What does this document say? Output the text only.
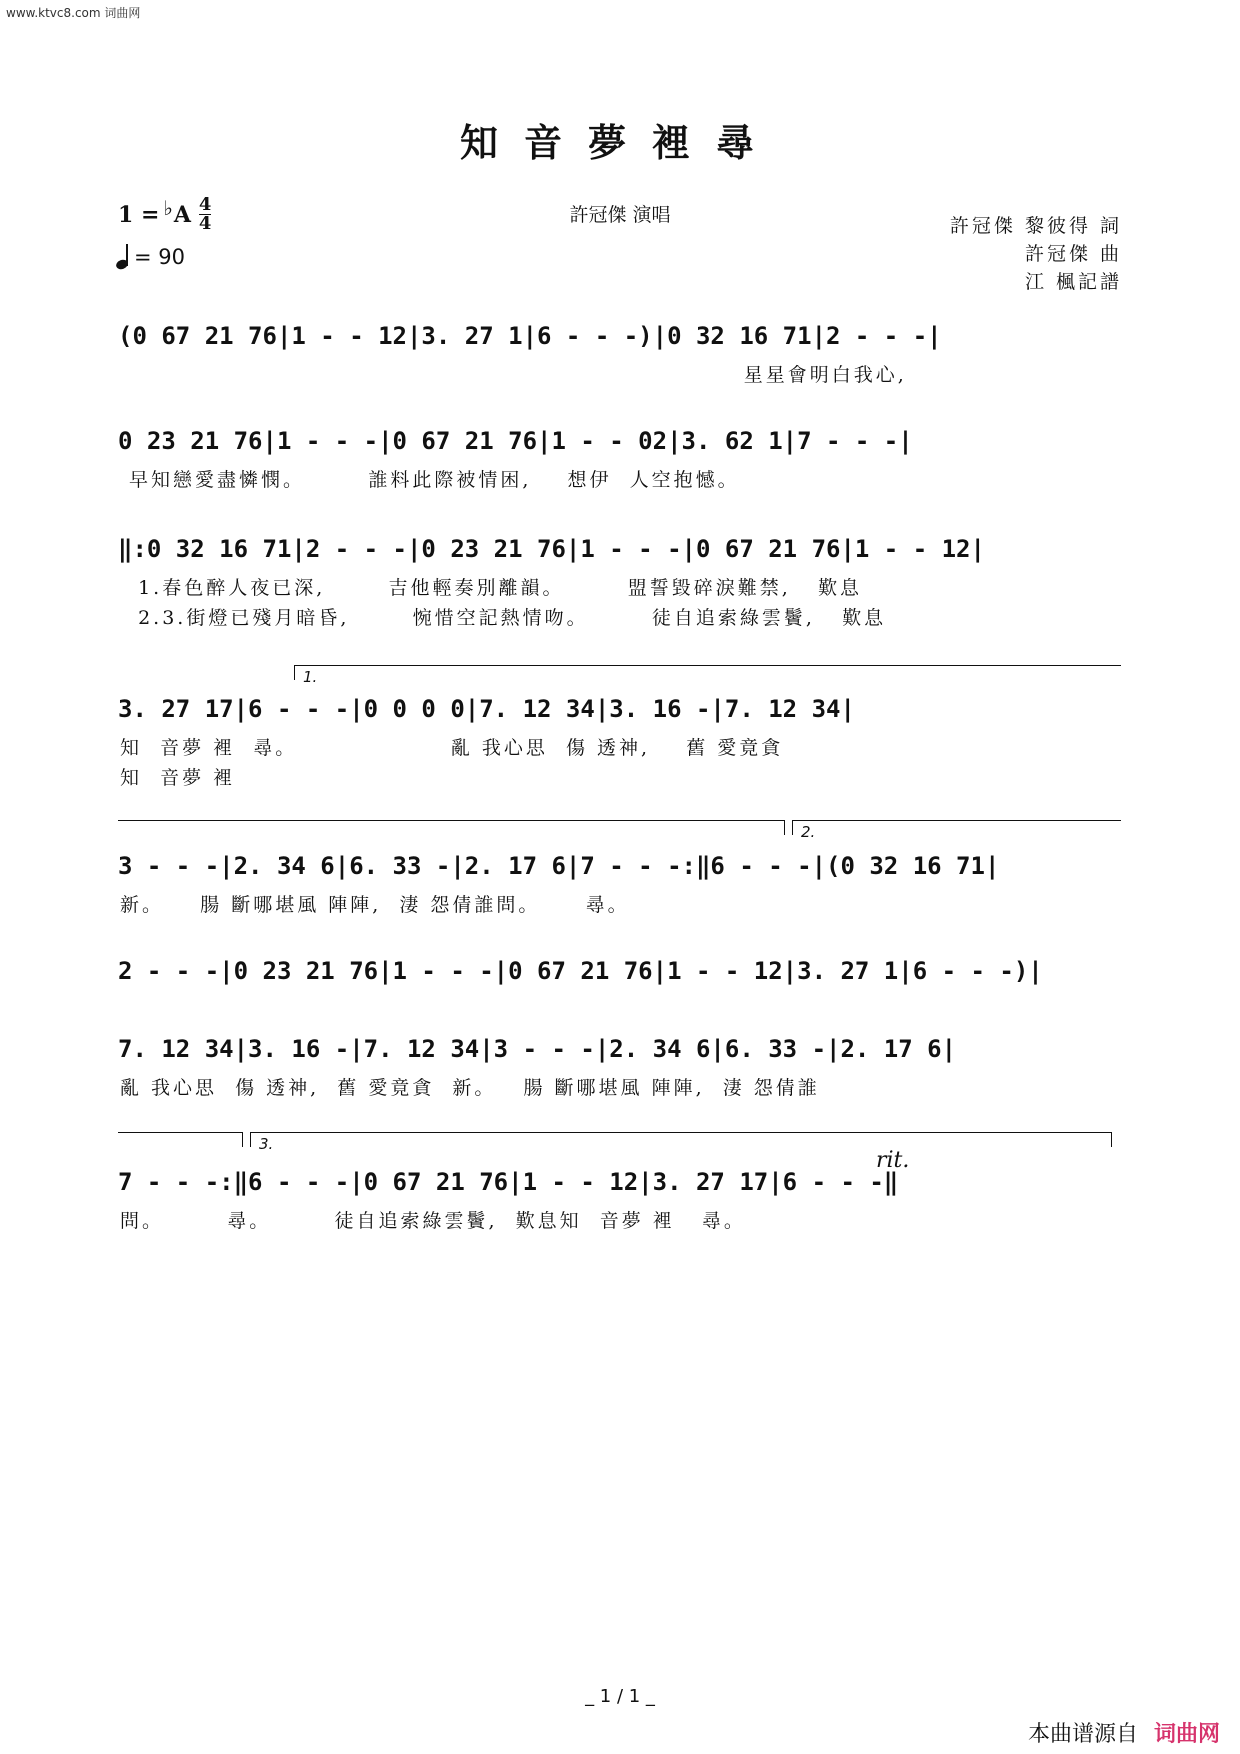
www.ktvc8.com 词曲网
知音夢裡尋
1 = ♭ A 4
4
= 90
許冠傑 演唱	許冠傑 黎彼得 詞
許冠傑 曲
江 楓記譜
(0 67 21 76|1 - - 12|3. 27 1|6 - - -)|0 32 16 71|2 - - -|
星星會明白我心,
0 23 21 76|1 - - -|0 67 21 76|1 - - 02|3. 62 1|7 - - -|
早知戀愛盡憐憫。       誰料此際被情困,    想伊  人空抱憾。
‖:0 32 16 71|2 - - -|0 23 21 76|1 - - -|0 67 21 76|1 - - 12|
1.春色醉人夜已深,       吉他輕奏別離韻。       盟誓毀碎淚難禁,   歎息
2.3.街燈已殘月暗昏,       惋惜空記熱情吻。       徒自追索綠雲鬢,   歎息
1.
3. 27 17|6 - - -|0 0 0 0|7. 12 34|3. 16 -|7. 12 34|
知  音夢 裡  尋。                 亂 我心思  傷 透神,    舊 愛竟貪
知  音夢 裡
2.
3 - - -|2. 34 6|6. 33 -|2. 17 6|7 - - -:‖6 - - -|(0 32 16 71|
新。    腸 斷哪堪風 陣陣,  淒 怨倩誰問。     尋。
2 - - -|0 23 21 76|1 - - -|0 67 21 76|1 - - 12|3. 27 1|6 - - -)|
7. 12 34|3. 16 -|7. 12 34|3 - - -|2. 34 6|6. 33 -|2. 17 6|
亂 我心思  傷 透神,  舊 愛竟貪  新。   腸 斷哪堪風 陣陣,  淒 怨倩誰
3.
rit.
7 - - -:‖6 - - -|0 67 21 76|1 - - 12|3. 27 17|6 - - -‖
問。       尋。       徒自追索綠雲鬢,  歎息知  音夢 裡   尋。
_ 1 / 1 _
本曲谱源自 词曲网
